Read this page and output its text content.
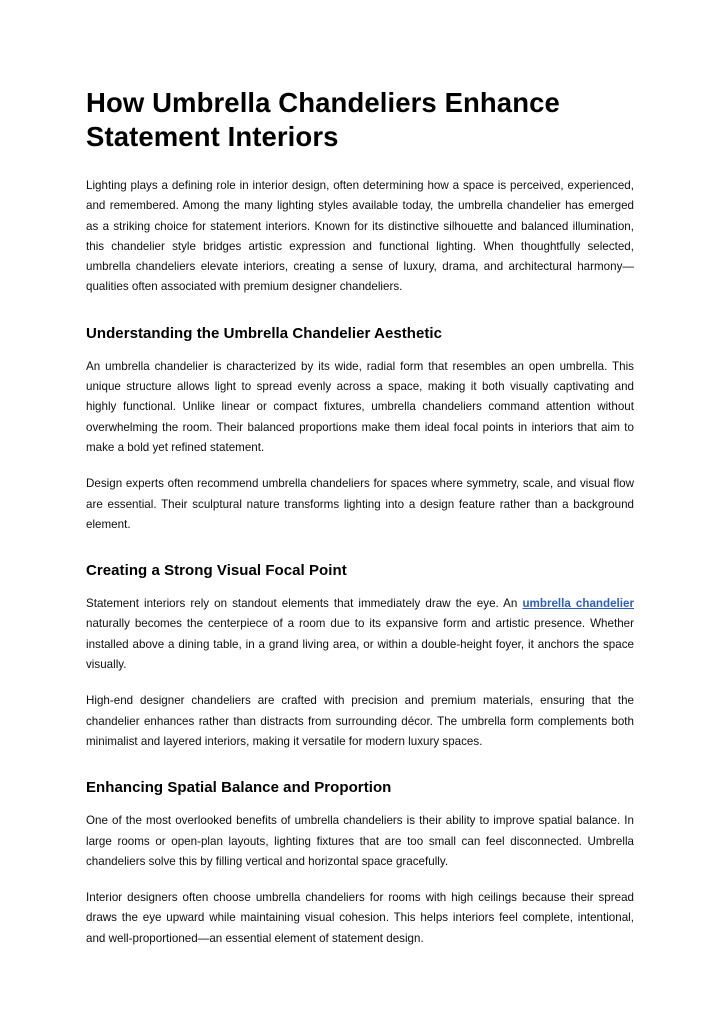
How Umbrella Chandeliers Enhance Statement Interiors

Lighting plays a defining role in interior design, often determining how a space is perceived, experienced, and remembered. Among the many lighting styles available today, the umbrella chandelier has emerged as a striking choice for statement interiors. Known for its distinctive silhouette and balanced illumination, this chandelier style bridges artistic expression and functional lighting. When thoughtfully selected, umbrella chandeliers elevate interiors, creating a sense of luxury, drama, and architectural harmony—qualities often associated with premium designer chandeliers.

Understanding the Umbrella Chandelier Aesthetic

An umbrella chandelier is characterized by its wide, radial form that resembles an open umbrella. This unique structure allows light to spread evenly across a space, making it both visually captivating and highly functional. Unlike linear or compact fixtures, umbrella chandeliers command attention without overwhelming the room. Their balanced proportions make them ideal focal points in interiors that aim to make a bold yet refined statement.

Design experts often recommend umbrella chandeliers for spaces where symmetry, scale, and visual flow are essential. Their sculptural nature transforms lighting into a design feature rather than a background element.

Creating a Strong Visual Focal Point

Statement interiors rely on standout elements that immediately draw the eye. An umbrella chandelier naturally becomes the centerpiece of a room due to its expansive form and artistic presence. Whether installed above a dining table, in a grand living area, or within a double-height foyer, it anchors the space visually.

High-end designer chandeliers are crafted with precision and premium materials, ensuring that the chandelier enhances rather than distracts from surrounding décor. The umbrella form complements both minimalist and layered interiors, making it versatile for modern luxury spaces.

Enhancing Spatial Balance and Proportion

One of the most overlooked benefits of umbrella chandeliers is their ability to improve spatial balance. In large rooms or open-plan layouts, lighting fixtures that are too small can feel disconnected. Umbrella chandeliers solve this by filling vertical and horizontal space gracefully.

Interior designers often choose umbrella chandeliers for rooms with high ceilings because their spread draws the eye upward while maintaining visual cohesion. This helps interiors feel complete, intentional, and well-proportioned—an essential element of statement design.
